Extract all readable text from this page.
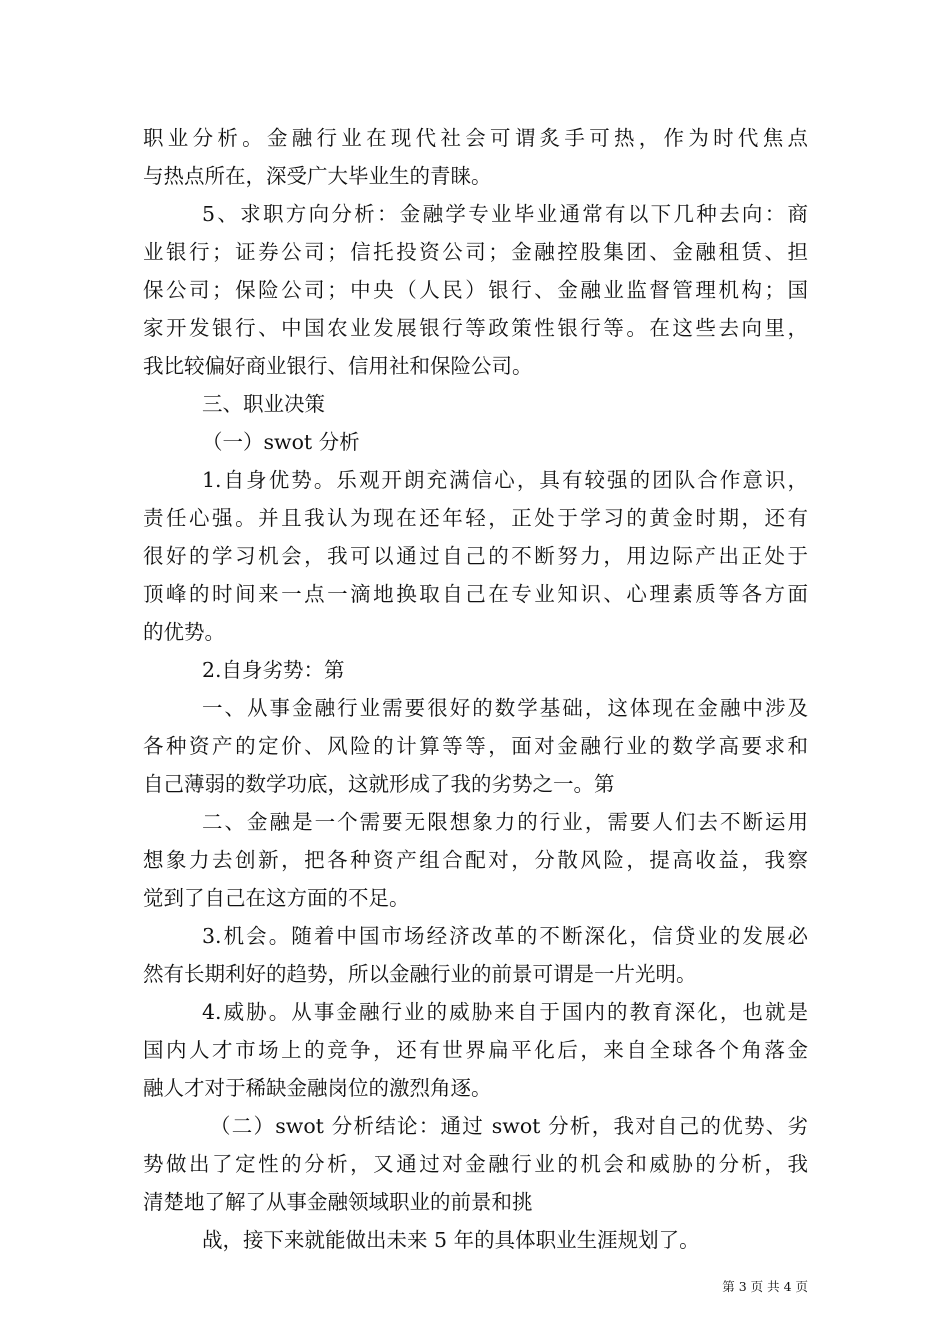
职业分析。金融行业在现代社会可谓炙手可热，作为时代焦点
与热点所在，深受广大毕业生的青睐。
5、求职方向分析：金融学专业毕业通常有以下几种去向：商
业银行；证券公司；信托投资公司；金融控股集团、金融租赁、担
保公司；保险公司；中央（人民）银行、金融业监督管理机构；国
家开发银行、中国农业发展银行等政策性银行等。在这些去向里，
我比较偏好商业银行、信用社和保险公司。
三、职业决策
（一）swot 分析
1.自身优势。乐观开朗充满信心，具有较强的团队合作意识，
责任心强。并且我认为现在还年轻，正处于学习的黄金时期，还有
很好的学习机会，我可以通过自己的不断努力，用边际产出正处于
顶峰的时间来一点一滴地换取自己在专业知识、心理素质等各方面
的优势。
2.自身劣势：第
一、从事金融行业需要很好的数学基础，这体现在金融中涉及
各种资产的定价、风险的计算等等，面对金融行业的数学高要求和
自己薄弱的数学功底，这就形成了我的劣势之一。第
二、金融是一个需要无限想象力的行业，需要人们去不断运用
想象力去创新，把各种资产组合配对，分散风险，提高收益，我察
觉到了自己在这方面的不足。
3.机会。随着中国市场经济改革的不断深化，信贷业的发展必
然有长期利好的趋势，所以金融行业的前景可谓是一片光明。
4.威胁。从事金融行业的威胁来自于国内的教育深化，也就是
国内人才市场上的竞争，还有世界扁平化后，来自全球各个角落金
融人才对于稀缺金融岗位的激烈角逐。
（二）swot 分析结论：通过 swot 分析，我对自己的优势、劣
势做出了定性的分析，又通过对金融行业的机会和威胁的分析，我
清楚地了解了从事金融领域职业的前景和挑
战，接下来就能做出未来 5 年的具体职业生涯规划了。
第 3 页 共 4 页
